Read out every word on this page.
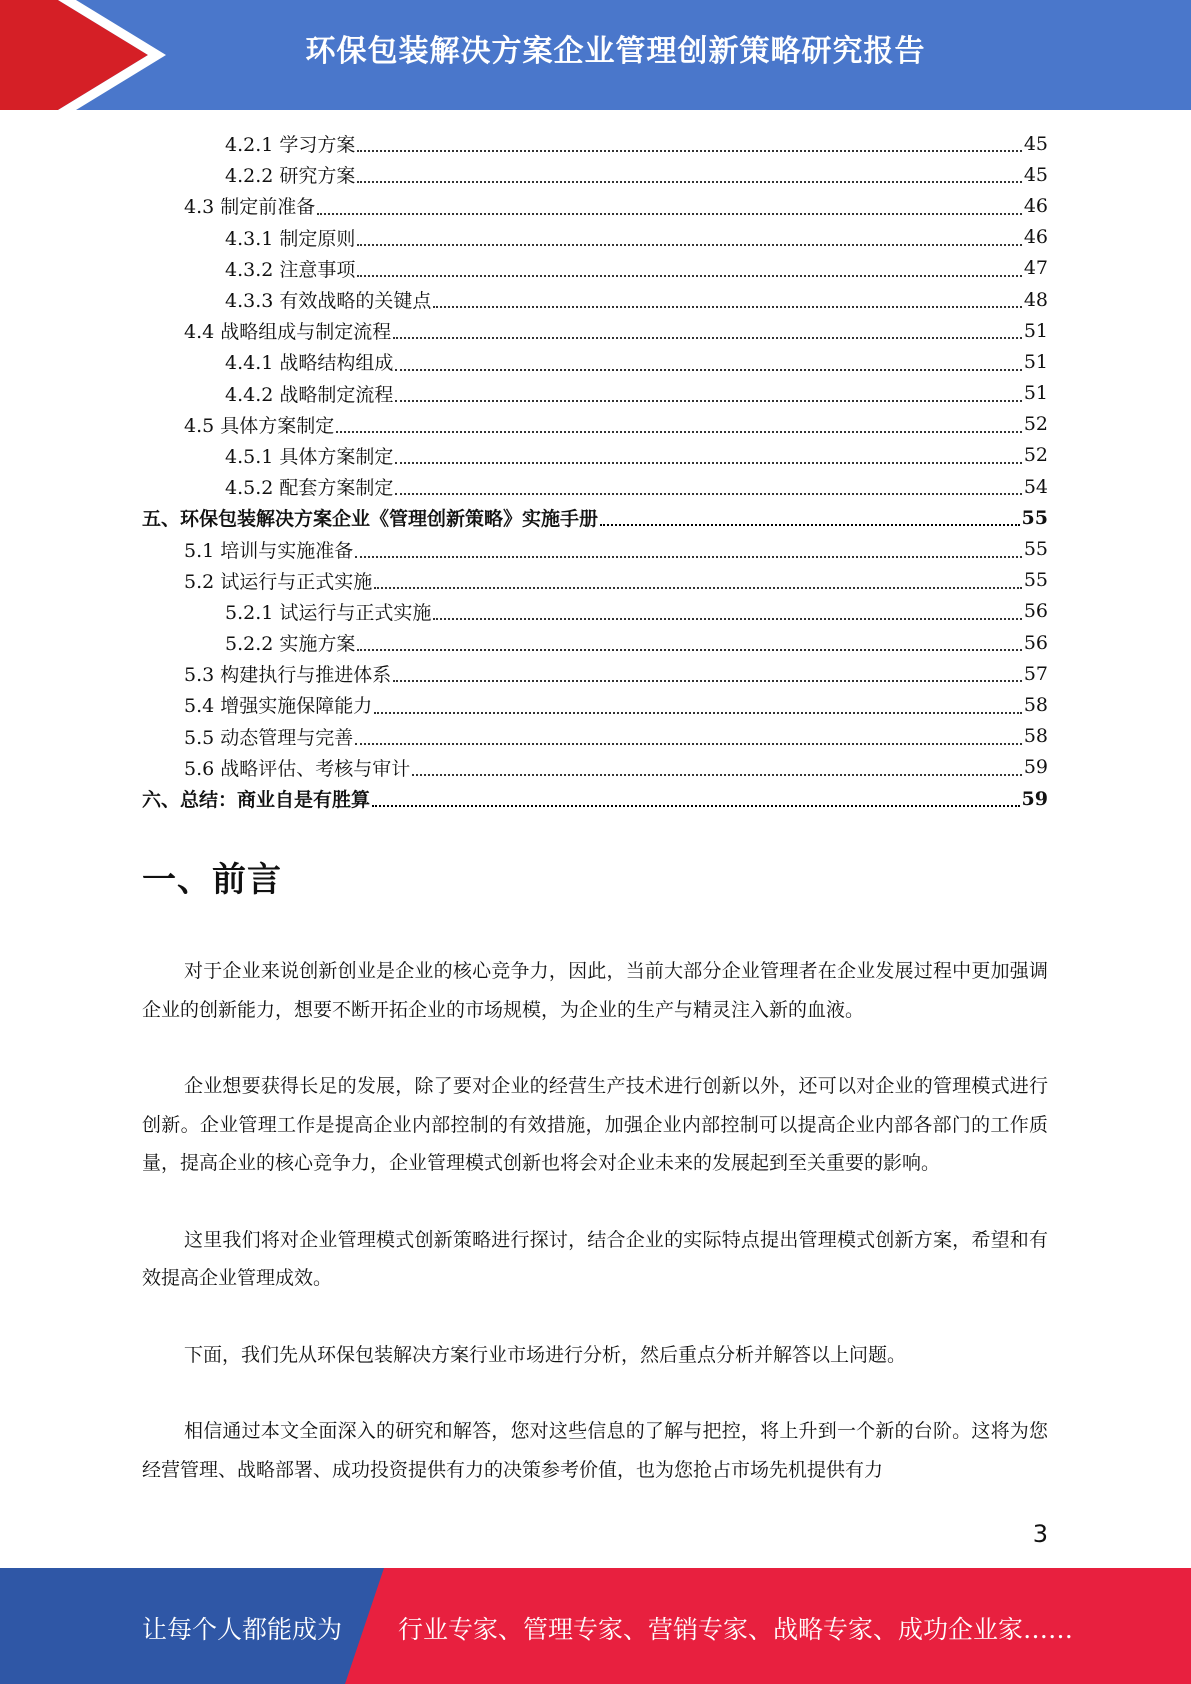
环保包装解决方案企业管理创新策略研究报告
4.2.1 学习方案	45
4.2.2 研究方案	45
4.3 制定前准备	46
4.3.1 制定原则	46
4.3.2 注意事项	47
4.3.3 有效战略的关键点	48
4.4 战略组成与制定流程	51
4.4.1 战略结构组成	51
4.4.2 战略制定流程	51
4.5 具体方案制定	52
4.5.1 具体方案制定	52
4.5.2 配套方案制定	54
五、环保包装解决方案企业《管理创新策略》实施手册	55
5.1 培训与实施准备	55
5.2 试运行与正式实施	55
5.2.1 试运行与正式实施	56
5.2.2 实施方案	56
5.3 构建执行与推进体系	57
5.4 增强实施保障能力	58
5.5 动态管理与完善	58
5.6 战略评估、考核与审计	59
六、总结：商业自是有胜算	59
一、前言

对于企业来说创新创业是企业的核心竞争力，因此，当前大部分企业管理者在企业发展过程中更加强调企业的创新能力，想要不断开拓企业的市场规模，为企业的生产与精灵注入新的血液。

企业想要获得长足的发展，除了要对企业的经营生产技术进行创新以外，还可以对企业的管理模式进行创新。企业管理工作是提高企业内部控制的有效措施，加强企业内部控制可以提高企业内部各部门的工作质量，提高企业的核心竞争力，企业管理模式创新也将会对企业未来的发展起到至关重要的影响。

这里我们将对企业管理模式创新策略进行探讨，结合企业的实际特点提出管理模式创新方案，希望和有效提高企业管理成效。

下面，我们先从环保包装解决方案行业市场进行分析，然后重点分析并解答以上问题。

相信通过本文全面深入的研究和解答，您对这些信息的了解与把控，将上升到一个新的台阶。这将为您经营管理、战略部署、成功投资提供有力的决策参考价值，也为您抢占市场先机提供有力

3
让每个人都能成为 行业专家、管理专家、营销专家、战略专家、成功企业家……
